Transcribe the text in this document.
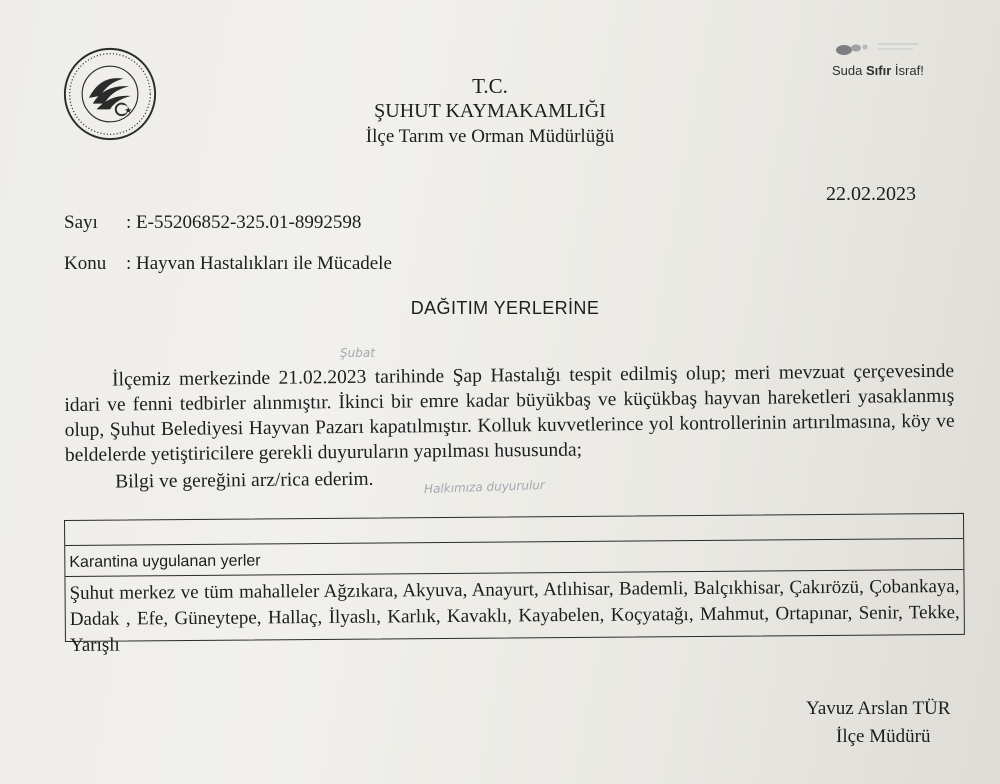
T.C.
ŞUHUT KAYMAKAMLIĞI
İlçe Tarım ve Orman Müdürlüğü
Suda Sıfır İsraf!
22.02.2023
Sayı : E-55206852-325.01-8992598
Konu : Hayvan Hastalıkları ile Mücadele
DAĞITIM YERLERİNE
Şubat
Halkımıza duyurulur

İlçemiz merkezinde 21.02.2023 tarihinde Şap Hastalığı tespit edilmiş olup; meri mevzuat çerçevesinde idari ve fenni tedbirler alınmıştır. İkinci bir emre kadar büyükbaş ve küçükbaş hayvan hareketleri yasaklanmış olup, Şuhut Belediyesi Hayvan Pazarı kapatılmıştır. Kolluk kuvvetlerince yol kontrollerinin artırılmasına, köy ve beldelerde yetiştiricilere gerekli duyuruların yapılması hususunda;

Bilgi ve gereğini arz/rica ederim.

Karantina uygulanan yerler
Şuhut merkez ve tüm mahalleler Ağzıkara, Akyuva, Anayurt, Atlıhisar, Bademli, Balçıkhisar, Çakırözü, Çobankaya, Dadak , Efe, Güneytepe, Hallaç, İlyaslı, Karlık, Kavaklı, Kayabelen, Koçyatağı, Mahmut, Ortapınar, Senir, Tekke, Yarışlı
Yavuz Arslan TÜR
İlçe Müdürü
